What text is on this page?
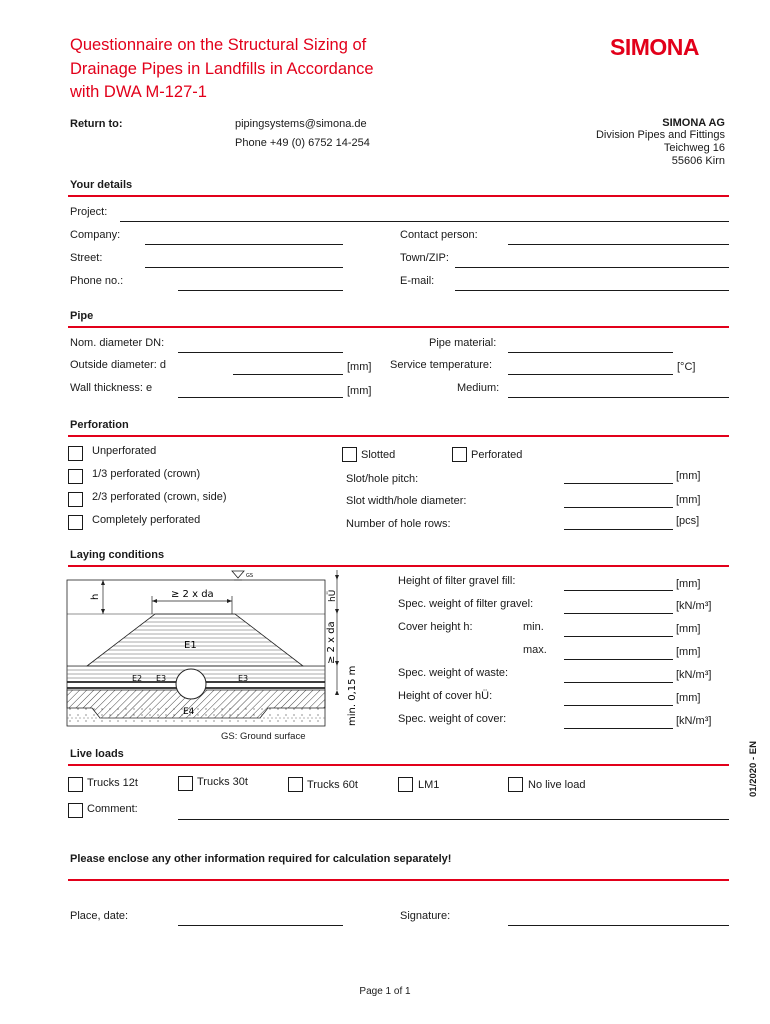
Questionnaire on the Structural Sizing of
Drainage Pipes in Landfills in Accordance
with DWA M-127-1
SIMONA
Return to:	pipingsystems@simona.de
Phone +49 (0) 6752 14-254
SIMONA AG
Division Pipes and Fittings
Teichweg 16
55606 Kirn
Your details
Project:
Company:	Contact person:
Street:	Town/ZIP:
Phone no.:	E-mail:
Pipe
Nom. diameter DN:	Pipe material:
Outside diameter: d	[mm] Service temperature:	[°C]
Wall thickness: e	[mm]	Medium:
Perforation
Unperforated
1/3 perforated (crown)
2/3 perforated (crown, side)
Completely perforated
Slotted	Perforated
Slot/hole pitch:	[mm]
Slot width/hole diameter:	[mm]
Number of hole rows:	[pcs]
Laying conditions
GS
≥ 2 x da
h	hÜ
≥ 2 x da
min. 0,15 m
E1
E2 E3	E3
E4
GS: Ground surface
Height of filter gravel fill:	[mm]
Spec. weight of filter gravel:	[kN/m³]
Cover height h:	min.	[mm]
max.	[mm]
Spec. weight of waste:	[kN/m³]
Height of cover hÜ:	[mm]
Spec. weight of cover:	[kN/m³]
Live loads
Trucks 12t	Trucks 30t	Trucks 60t	LM1	No live load
Comment:
Please enclose any other information required for calculation separately!
Place, date:	Signature:
01/2020 - EN
Page 1 of 1
